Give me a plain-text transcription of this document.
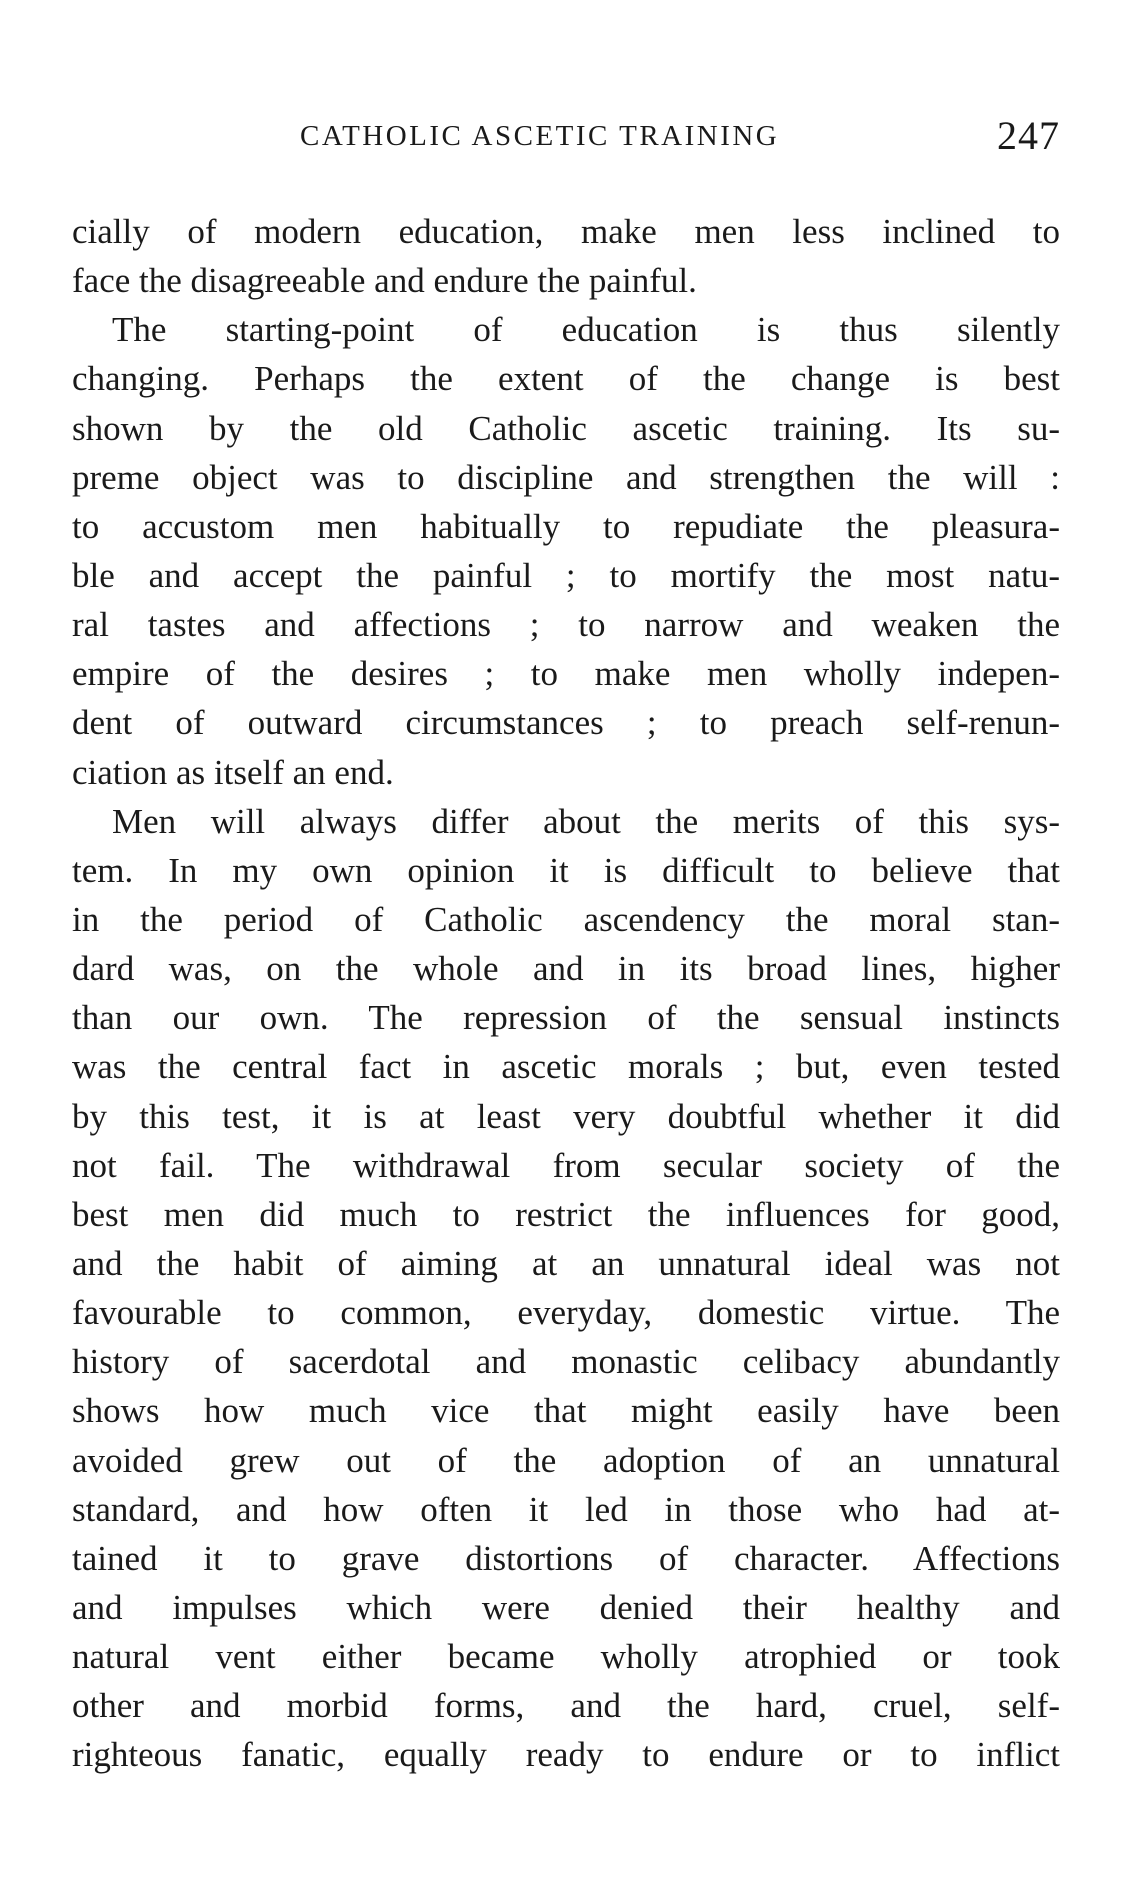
CATHOLIC ASCETIC TRAINING	247
cially of modern education, make men less inclined to
face the disagreeable and endure the painful.
The starting-point of education is thus silently
changing. Perhaps the extent of the change is best
shown by the old Catholic ascetic training. Its su-
preme object was to discipline and strengthen the will :
to accustom men habitually to repudiate the pleasura-
ble and accept the painful ; to mortify the most natu-
ral tastes and affections ; to narrow and weaken the
empire of the desires ; to make men wholly indepen-
dent of outward circumstances ; to preach self-renun-
ciation as itself an end.
Men will always differ about the merits of this sys-
tem. In my own opinion it is difficult to believe that
in the period of Catholic ascendency the moral stan-
dard was, on the whole and in its broad lines, higher
than our own. The repression of the sensual instincts
was the central fact in ascetic morals ; but, even tested
by this test, it is at least very doubtful whether it did
not fail. The withdrawal from secular society of the
best men did much to restrict the influences for good,
and the habit of aiming at an unnatural ideal was not
favourable to common, everyday, domestic virtue. The
history of sacerdotal and monastic celibacy abundantly
shows how much vice that might easily have been
avoided grew out of the adoption of an unnatural
standard, and how often it led in those who had at-
tained it to grave distortions of character. Affections
and impulses which were denied their healthy and
natural vent either became wholly atrophied or took
other and morbid forms, and the hard, cruel, self-
righteous fanatic, equally ready to endure or to inflict
